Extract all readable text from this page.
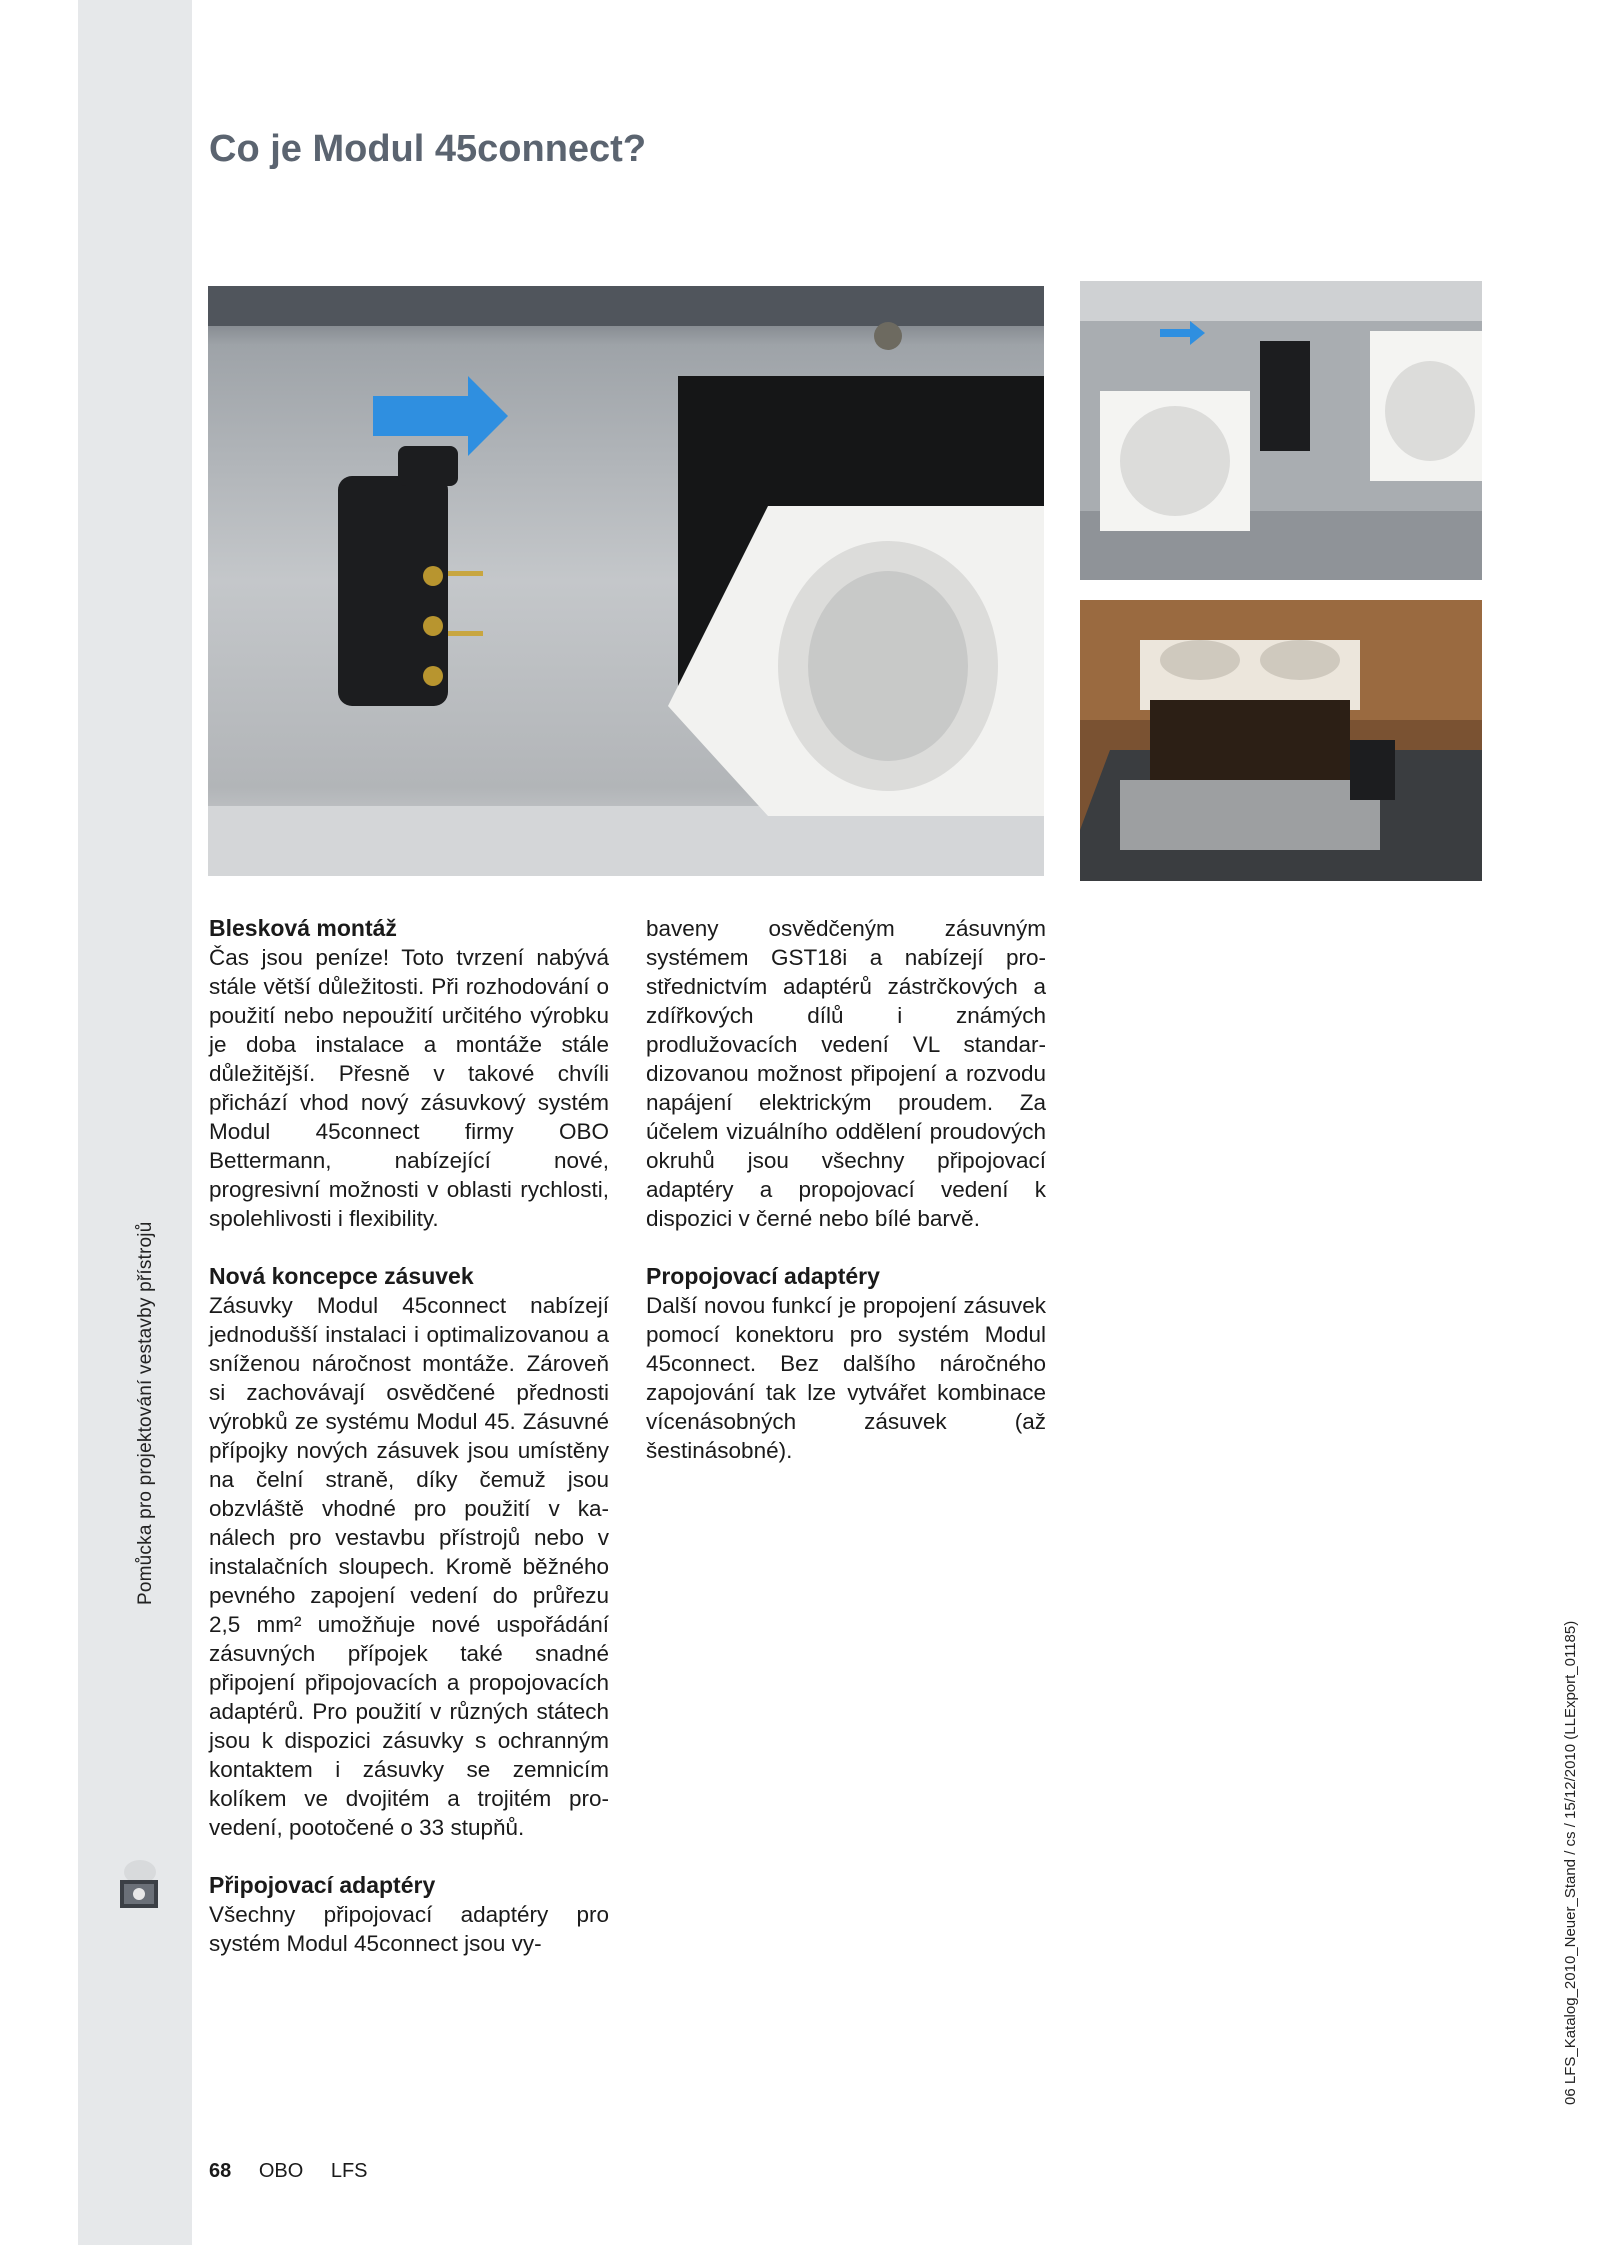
Pomůcka pro projektování vestavby přístrojů
Co je Modul 45connect?
Blesková montáž

Čas jsou peníze! Toto tvrzení nabývá stále větší důležitosti. Při rozhodování o použití nebo nepoužití určitého výrobku je doba instalace a montáže stále důležitější. Přesně v takové chvíli přichází vhod nový zásuvkový systém Modul 45connect firmy OBO Bettermann, nabízející nové, progresivní možnosti v oblasti rychlosti, spolehlivosti i flexibility.

Nová koncepce zásuvek

Zásuvky Modul 45connect nabízejí jednodušší instalaci i optimalizovanou a sníženou náročnost montáže. Zároveň si zachovávají osvědčené přednosti výrobků ze systému Modul 45. Zásuvné přípojky nových zásuvek jsou umístěny na čelní straně, díky čemuž jsou obzvláště vhodné pro použití v kanálech pro vestavbu přístrojů nebo v instalačních sloupech. Kromě běžného pevného zapojení vedení do průřezu 2,5 mm² umožňuje nové uspořádání zásuvných přípojek také snadné připojení připojovacích a propojovacích adaptérů. Pro použití v různých státech jsou k dispozici zásuvky s ochranným kontaktem i zásuvky se zemnicím kolíkem ve dvojitém a trojitém provedení, pootočené o 33 stupňů.

Připojovací adaptéry

Všechny připojovací adaptéry pro systém Modul 45connect jsou vy-

baveny osvědčeným zásuvným systémem GST18i a nabízejí prostřednictvím adaptérů zástrčkových a zdířkových dílů i známých prodlužovacích vedení VL standardizovanou možnost připojení a rozvodu napájení elektrickým proudem. Za účelem vizuálního oddělení proudových okruhů jsou všechny připojovací adaptéry a propojovací vedení k dispozici v černé nebo bílé barvě.

Propojovací adaptéry

Další novou funkcí je propojení zásuvek pomocí konektoru pro systém Modul 45connect. Bez dalšího náročného zapojování tak lze vytvářet kombinace vícenásobných zásuvek (až šestinásobné).

68 OBO LFS
06 LFS_Katalog_2010_Neuer_Stand / cs / 15/12/2010 (LLExport_01185)
